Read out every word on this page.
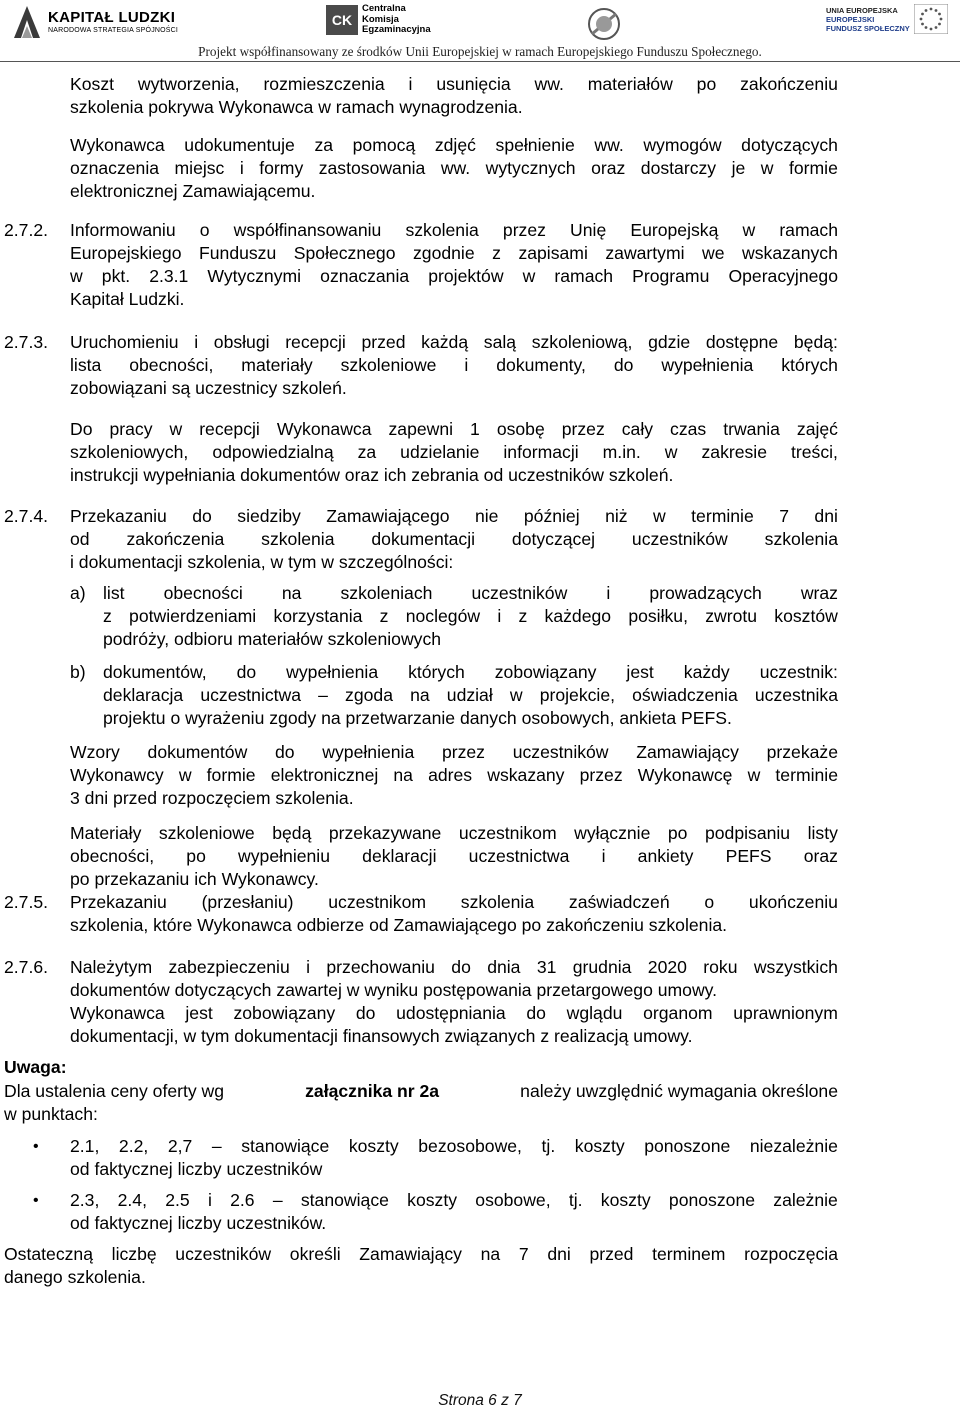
KAPITAŁ LUDZKI
NARODOWA STRATEGIA SPÓJNOŚCI
CK
Centralna
Komisja
Egzaminacyjna
UNIA EUROPEJSKA
EUROPEJSKI
FUNDUSZ SPOŁECZNY
Projekt współfinansowany ze środków Unii Europejskiej w ramach Europejskiego Funduszu Społecznego.
Koszt wytworzenia, rozmieszczenia i usunięcia ww. materiałów po zakończeniu
szkolenia pokrywa Wykonawca w ramach wynagrodzenia.
Wykonawca udokumentuje za pomocą zdjęć spełnienie ww. wymogów dotyczących
oznaczenia miejsc i formy zastosowania ww. wytycznych oraz dostarczy je w formie
elektronicznej Zamawiającemu.
2.7.2. Informowaniu o współfinansowaniu szkolenia przez Unię Europejską w ramach
Europejskiego Funduszu Społecznego zgodnie z zapisami zawartymi we wskazanych
w pkt. 2.3.1 Wytycznymi oznaczania projektów w ramach Programu Operacyjnego
Kapitał Ludzki.
2.7.3. Uruchomieniu i obsługi recepcji przed każdą salą szkoleniową, gdzie dostępne będą:
lista obecności, materiały szkoleniowe i dokumenty, do wypełnienia których
zobowiązani są uczestnicy szkoleń.
Do pracy w recepcji Wykonawca zapewni 1 osobę przez cały czas trwania zajęć
szkoleniowych, odpowiedzialną za udzielanie informacji m.in. w zakresie treści,
instrukcji wypełniania dokumentów oraz ich zebrania od uczestników szkoleń.
2.7.4. Przekazaniu do siedziby Zamawiającego nie później niż w terminie 7 dni
od zakończenia szkolenia dokumentacji dotyczącej uczestników szkolenia
i dokumentacji szkolenia, w tym w szczególności:
a) list obecności na szkoleniach uczestników i prowadzących wraz
z potwierdzeniami korzystania z noclegów i z każdego posiłku, zwrotu kosztów
podróży, odbioru materiałów szkoleniowych
b) dokumentów, do wypełnienia których zobowiązany jest każdy uczestnik:
deklaracja uczestnictwa – zgoda na udział w projekcie, oświadczenia uczestnika
projektu o wyrażeniu zgody na przetwarzanie danych osobowych, ankieta PEFS.
Wzory dokumentów do wypełnienia przez uczestników Zamawiający przekaże
Wykonawcy w formie elektronicznej na adres wskazany przez Wykonawcę w terminie
3 dni przed rozpoczęciem szkolenia.
Materiały szkoleniowe będą przekazywane uczestnikom wyłącznie po podpisaniu listy
obecności, po wypełnieniu deklaracji uczestnictwa i ankiety PEFS oraz
po przekazaniu ich Wykonawcy.
2.7.5. Przekazaniu (przesłaniu) uczestnikom szkolenia zaświadczeń o ukończeniu
szkolenia, które Wykonawca odbierze od Zamawiającego po zakończeniu szkolenia.
2.7.6. Należytym zabezpieczeniu i przechowaniu do dnia 31 grudnia 2020 roku wszystkich
dokumentów dotyczących zawartej w wyniku postępowania przetargowego umowy.
Wykonawca jest zobowiązany do udostępniania do wglądu organom uprawnionym
dokumentacji, w tym dokumentacji finansowych związanych z realizacją umowy.
Uwaga:
Dla ustalenia ceny oferty wg	załącznika nr 2a	należy uwzględnić wymagania określone
w punktach:
• 2.1, 2.2, 2,7 – stanowiące koszty bezosobowe, tj. koszty ponoszone niezależnie
od faktycznej liczby uczestników
• 2.3, 2.4, 2.5 i 2.6 – stanowiące koszty osobowe, tj. koszty ponoszone zależnie
od faktycznej liczby uczestników.
Ostateczną liczbę uczestników określi Zamawiający na 7 dni przed terminem rozpoczęcia
danego szkolenia.
Strona 6 z 7
